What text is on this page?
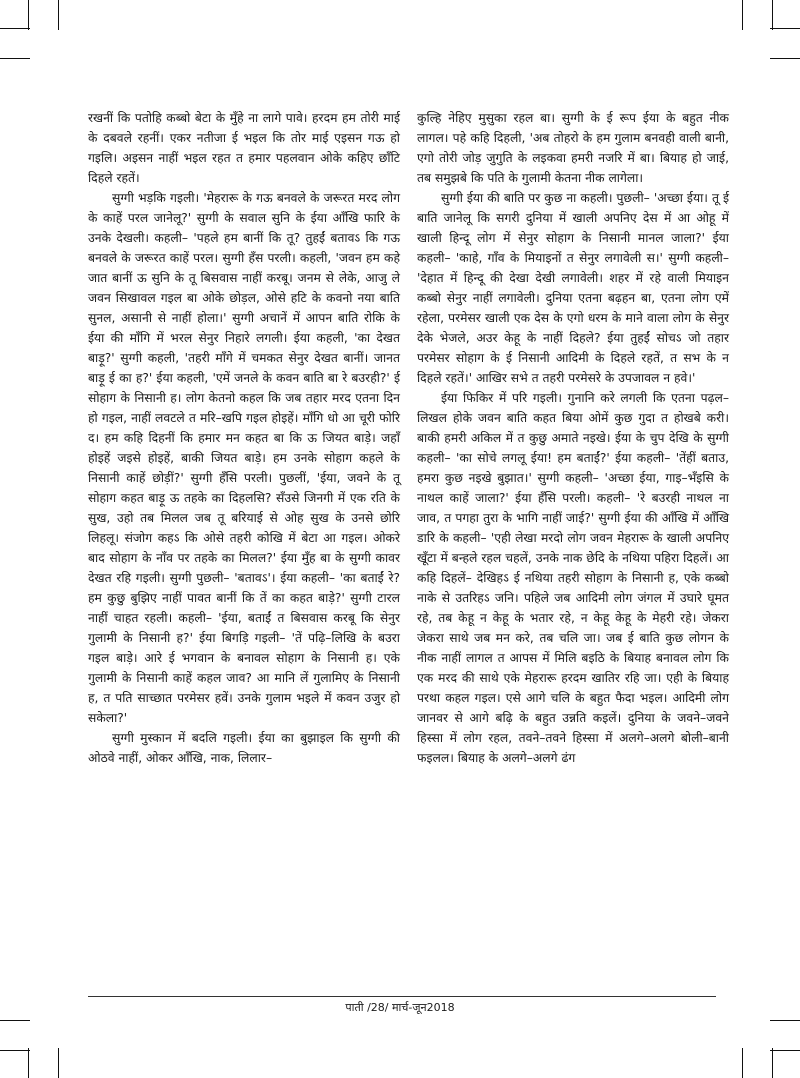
रखनीं कि पतोहि कब्बो बेटा के मुँहे ना लागे पावे। हरदम हम तोरी माई के दबवले रहनीं। एकर नतीजा ई भइल कि तोर माई एइसन गऊ हो गइलि। अइसन नाहीं भइल रहत त हमार पहलवान ओके कहिए छाँटि दिहले रहतें।

सुग्गी भड़कि गइली। 'मेहरारू के गऊ बनवले के जरूरत मरद लोग के काहें परल जानेलू?' सुग्गी के सवाल सुनि के ईया आँखि फारि के उनके देखली। कहली– 'पहले हम बानीं कि तू? तुहईं बतावऽ कि गऊ बनवले के जरूरत काहें परल। सुग्गी हँस परली। कहली, 'जवन हम कहे जात बानीं ऊ सुनि के तू बिसवास नाहीं करबू। जनम से लेके, आजु ले जवन सिखावल गइल बा ओके छोड़ल, ओसे हटि के कवनो नया बाति सुनल, असानी से नाहीं होला।' सुग्गी अचानें में आपन बाति रोकि के ईया की माँगि में भरल सेनुर निहारे लगली। ईया कहली, 'का देखत बाड़ू?' सुग्गी कहली, 'तहरी माँगे में चमकत सेनुर देखत बानीं। जानत बाड़ू ई का ह?' ईया कहली, 'एमें जनले के कवन बाति बा रे बउरही?' ई सोहाग के निसानी ह। लोग केतनो कहल कि जब तहार मरद एतना दिन हो गइल, नाहीं लवटले त मरि–खपि गइल होइहें। माँगि धो आ चूरी फोरि द। हम कहि दिहनीं कि हमार मन कहत बा कि ऊ जियत बाड़े। जहाँ होइहें जइसे होइहें, बाकी जियत बाड़े। हम उनके सोहाग कहले के निसानी काहें छोड़ीं?' सुग्गी हँसि परली। पुछलीं, 'ईया, जवने के तू सोहाग कहत बाड़ू ऊ तहके का दिहलसि? सँउसे जिनगी में एक रति के सुख, उहो तब मिलल जब तू बरियाई से ओह सुख के उनसे छोरि लिहलू। संजोग कहऽ कि ओसे तहरी कोखि में बेटा आ गइल। ओकरे बाद सोहाग के नाँव पर तहके का मिलल?' ईया मुँह बा के सुग्गी कावर देखत रहि गइली। सुग्गी पुछली– 'बतावऽ'। ईया कहली– 'का बताईं रे? हम कुछु बुझिए नाहीं पावत बानीं कि तें का कहत बाड़े?' सुग्गी टारल नाहीं चाहत रहली। कहली– 'ईया, बताईं त बिसवास करबू कि सेनुर गुलामी के निसानी ह?' ईया बिगड़ि गइली– 'तें पढ़ि–लिखि के बउरा गइल बाड़े। आरे ई भगवान के बनावल सोहाग के निसानी ह। एके गुलामी के निसानी काहें कहल जाव? आ मानि लें गुलामिए के निसानी ह, त पति साच्छात परमेसर हवें। उनके गुलाम भइले में कवन उजुर हो सकेला?'

सुग्गी मुस्कान में बदलि गइली। ईया का बुझाइल कि सुग्गी की ओठवे नाहीं, ओकर आँखि, नाक, लिलार–

कुल्हि नेहिए मुसुका रहल बा। सुग्गी के ई रूप ईया के बहुत नीक लागल। पहे कहि दिहली, 'अब तोहरो के हम गुलाम बनवही वाली बानी, एगो तोरी जोड़ जुगुति के लइकवा हमरी नजरि में बा। बियाह हो जाई, तब समुझबे कि पति के गुलामी केतना नीक लागेला।

सुग्गी ईया की बाति पर कुछ ना कहली। पुछली– 'अच्छा ईया। तू ई बाति जानेलू कि सगरी दुनिया में खाली अपनिए देस में आ ओहू में खाली हिन्दू लोग में सेनुर सोहाग के निसानी मानल जाला?' ईया कहली– 'काहे, गाँव के मियाइनों त सेनुर लगावेली स।' सुग्गी कहली– 'देहात में हिन्दू की देखा देखी लगावेली। शहर में रहे वाली मियाइन कब्बो सेनुर नाहीं लगावेली। दुनिया एतना बढ़हन बा, एतना लोग एमें रहेला, परमेसर खाली एक देस के एगो धरम के माने वाला लोग के सेनुर देके भेजले, अउर केहू के नाहीं दिहले? ईया तुहईं सोचऽ जो तहार परमेसर सोहाग के ई निसानी आदिमी के दिहले रहतें, त सभ के न दिहले रहतें।' आखिर सभे त तहरी परमेसरे के उपजावल न हवे।'

ईया फिकिर में परि गइली। गुनानि करे लगली कि एतना पढ़ल–लिखल होके जवन बाति कहत बिया ओमें कुछ गुदा त होखबे करी। बाकी हमरी अकिल में त कुछु अमाते नइखे। ईया के चुप देखि के सुग्गी कहली– 'का सोचे लगलू ईया! हम बताईं?' ईया कहली– 'तेंहीं बताउ, हमरा कुछ नइखे बुझात।' सुग्गी कहली– 'अच्छा ईया, गाइ–भँइसि के नाथल काहें जाला?' ईया हँसि परली। कहली– 'रे बउरही नाथल ना जाव, त पगहा तुरा के भागि नाहीं जाई?' सुग्गी ईया की आँखि में आँखि डारि के कहली– 'एही लेखा मरदो लोग जवन मेहरारू के खाली अपनिए खूँटा में बन्हले रहल चहलें, उनके नाक छेदि के नथिया पहिरा दिहलें। आ कहि दिहलें– देखिहऽ ई नथिया तहरी सोहाग के निसानी ह, एके कब्बो नाके से उतरिहऽ जनि। पहिले जब आदिमी लोग जंगल में उघारे घूमत रहे, तब केहू न केहू के भतार रहे, न केहू केहू के मेहरी रहे। जेकरा जेकरा साथे जब मन करे, तब चलि जा। जब ई बाति कुछ लोगन के नीक नाहीं लागल त आपस में मिलि बइठि के बियाह बनावल लोग कि एक मरद की साथे एके मेहरारू हरदम खातिर रहि जा। एही के बियाह परथा कहल गइल। एसे आगे चलि के बहुत फैदा भइल। आदिमी लोग जानवर से आगे बढ़ि के बहुत उन्नति कइलें। दुनिया के जवने–जवने हिस्सा में लोग रहल, तवने–तवने हिस्सा में अलगे–अलगे बोली–बानी फइलल। बियाह के अलगे–अलगे ढंग

पाती /28/ मार्च-जून2018
